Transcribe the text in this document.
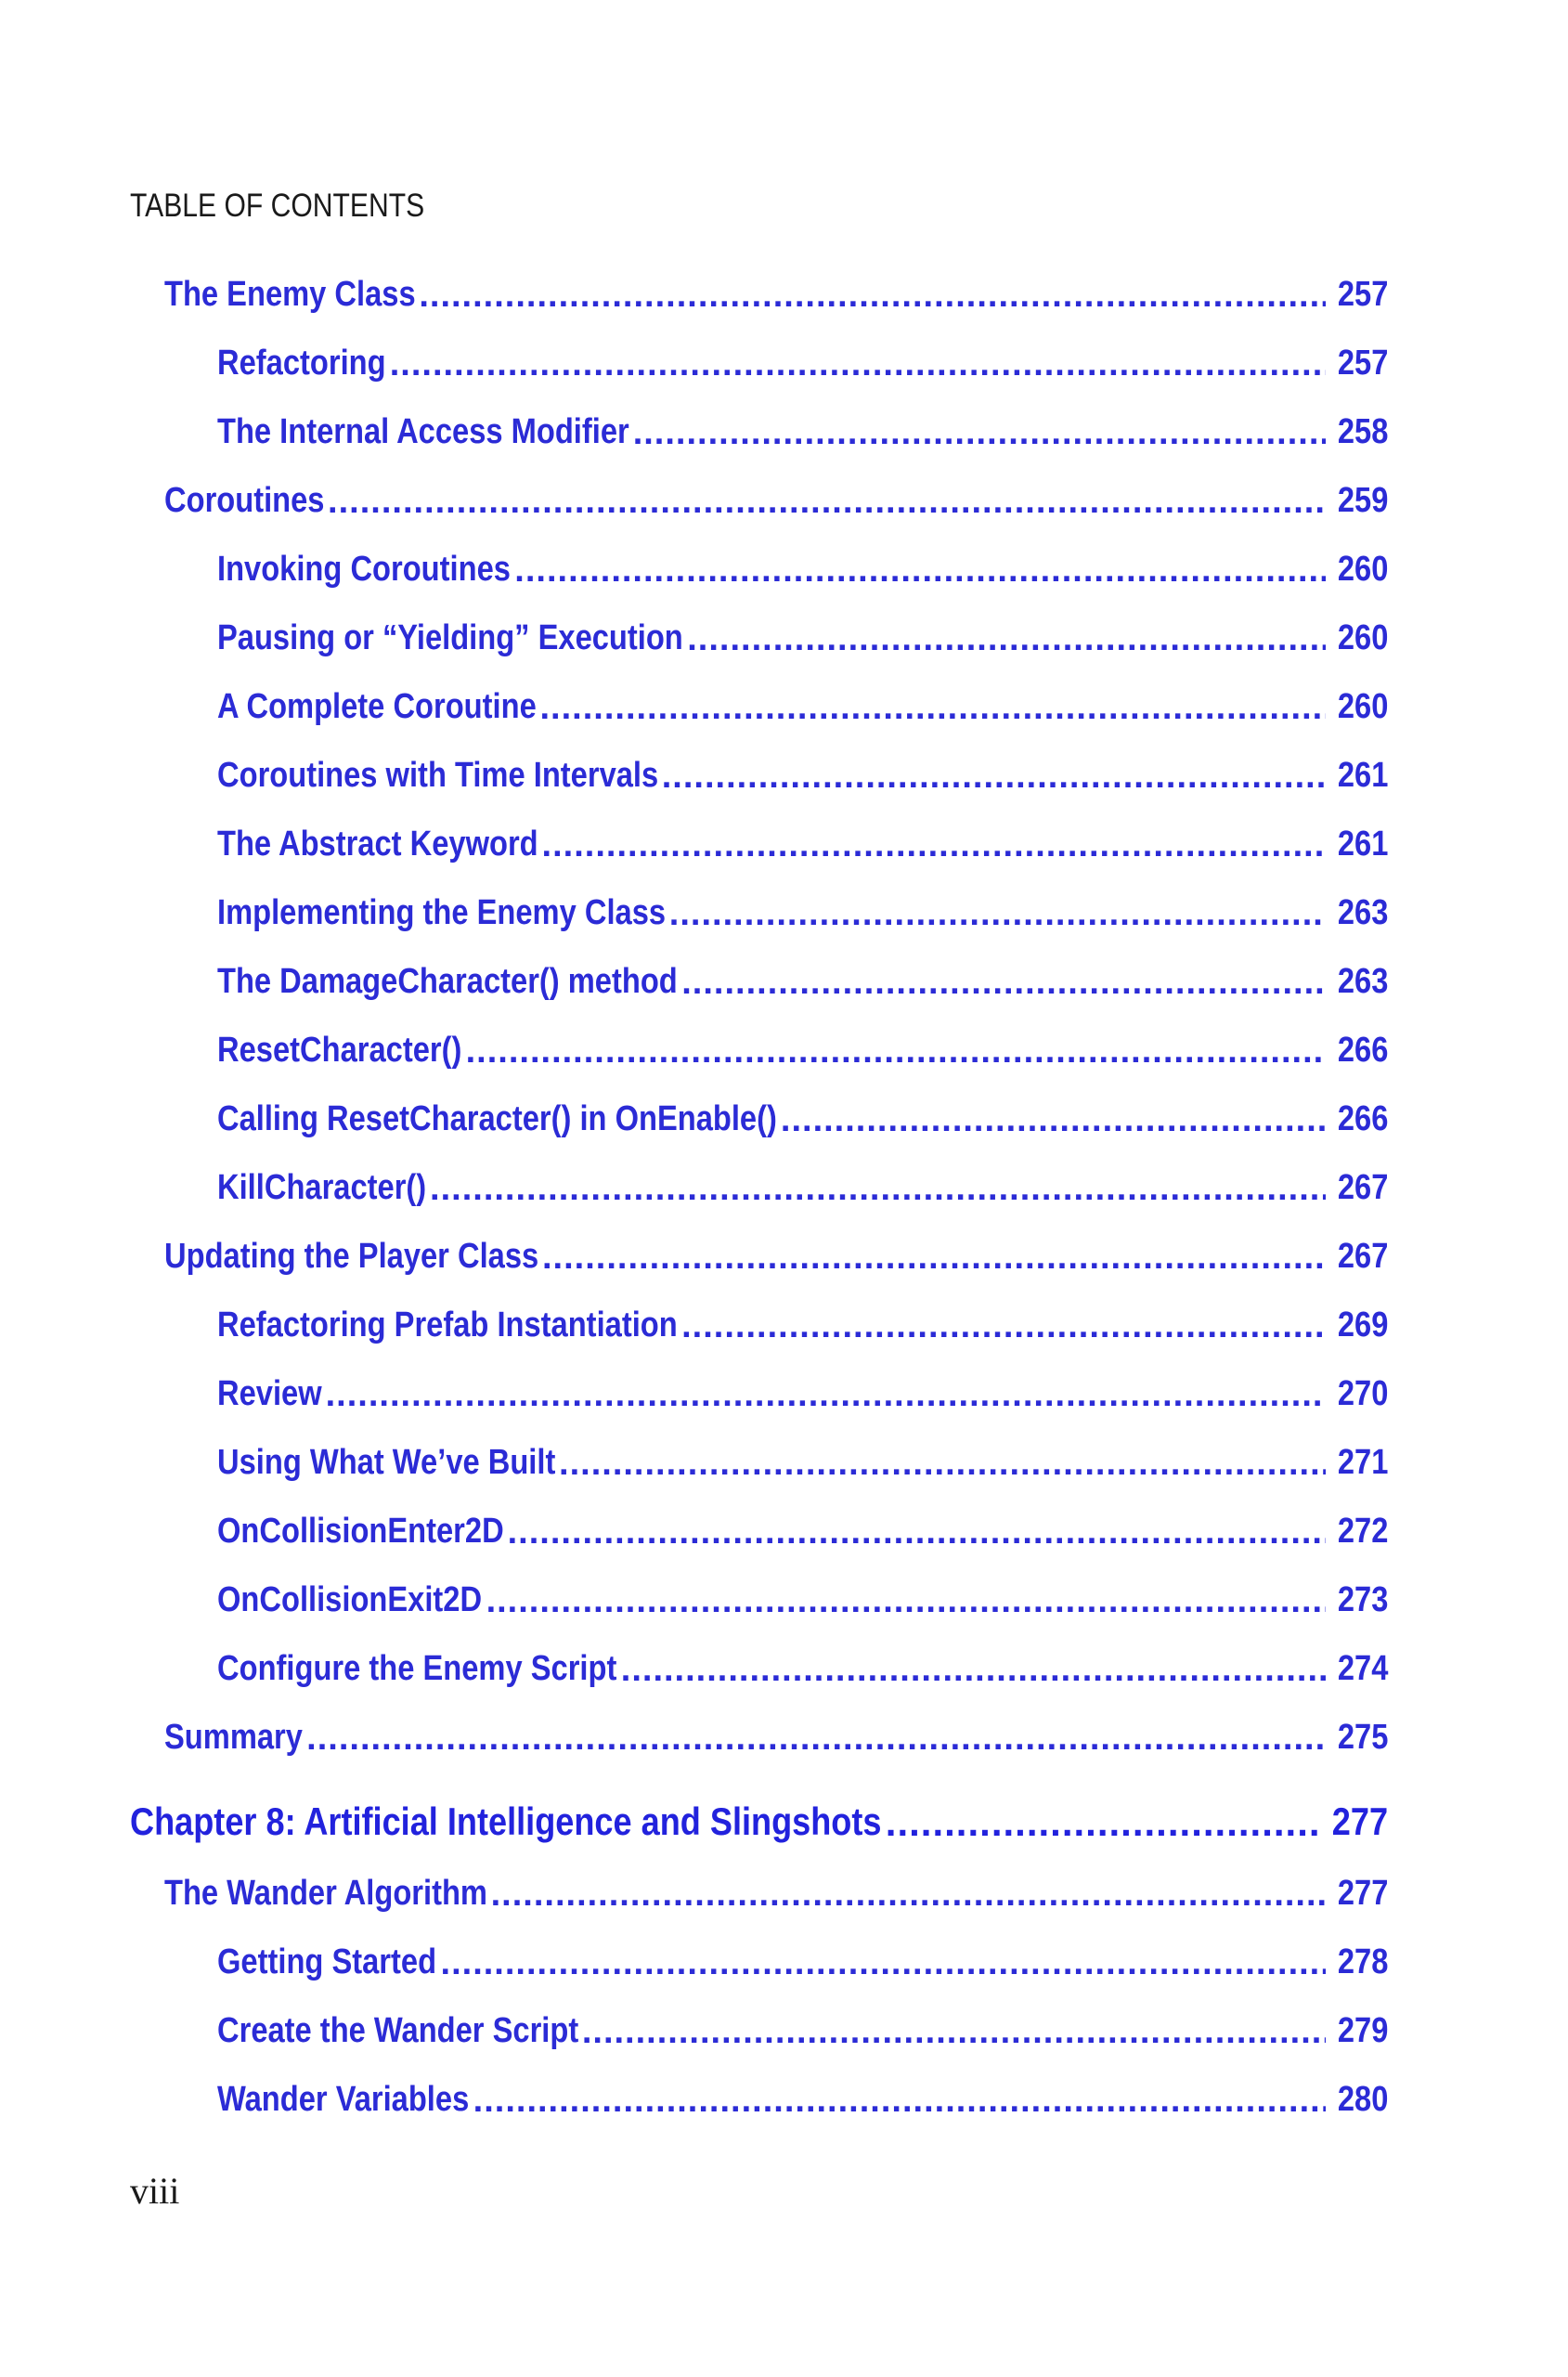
TABLE OF CONTENTS
The Enemy Class .....	257
Refactoring .....	257
The Internal Access Modifier .....	258
Coroutines .....	259
Invoking Coroutines .....	260
Pausing or “Yielding” Execution .....	260
A Complete Coroutine .....	260
Coroutines with Time Intervals .....	261
The Abstract Keyword .....	261
Implementing the Enemy Class .....	263
The DamageCharacter() method .....	263
ResetCharacter() .....	266
Calling ResetCharacter() in OnEnable() .....	266
KillCharacter() .....	267
Updating the Player Class .....	267
Refactoring Prefab Instantiation .....	269
Review .....	270
Using What We’ve Built .....	271
OnCollisionEnter2D .....	272
OnCollisionExit2D .....	273
Configure the Enemy Script .....	274
Summary .....	275
Chapter 8: Artificial Intelligence and Slingshots .....	277
The Wander Algorithm .....	277
Getting Started .....	278
Create the Wander Script .....	279
Wander Variables .....	280
viii
